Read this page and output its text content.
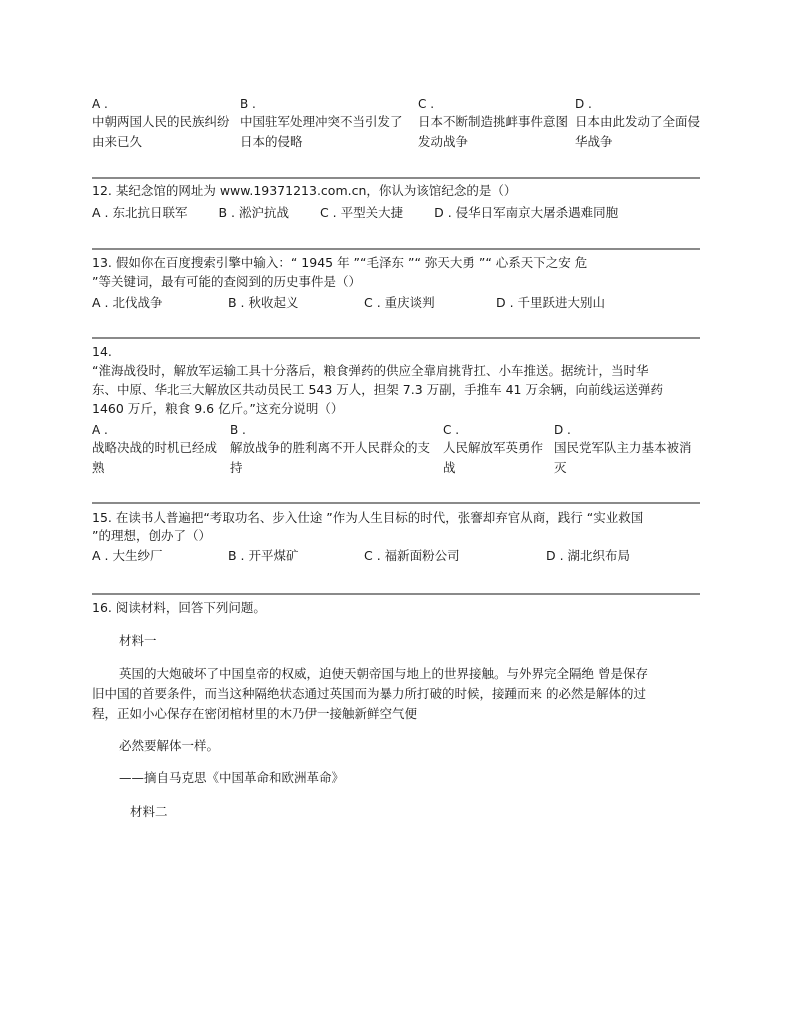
A .
中朝两国人民的民族纠纷由来已久
B .
中国驻军处理冲突不当引发了日本的侵略
C .
日本不断制造挑衅事件意图发动战争
D .
日本由此发动了全面侵华战争
12. 某纪念馆的网址为 www.19371213.com.cn，你认为该馆纪念的是（）
A . 东北抗日联军 B . 淞沪抗战 C . 平型关大捷 D . 侵华日军南京大屠杀遇难同胞
13. 假如你在百度搜索引擎中输入：“ 1945 年 ”“毛泽东 ”“ 弥天大勇 ”“ 心系天下之安 危
”等关键词，最有可能的查阅到的历史事件是（）
A . 北伐战争	B . 秋收起义	C . 重庆谈判	D . 千里跃进大别山
14.
“淮海战役时，解放军运输工具十分落后，粮食弹药的供应全靠肩挑背扛、小车推送。据统计，当时华
东、中原、华北三大解放区共动员民工 543 万人，担架 7.3 万副，手推车 41 万余辆，向前线运送弹药
1460 万斤，粮食 9.6 亿斤。”这充分说明（）
A .
战略决战的时机已经成熟
B .
解放战争的胜利离不开人民群众的支持
C .
人民解放军英勇作战
D .
国民党军队主力基本被消灭
15. 在读书人普遍把“考取功名、步入仕途 ”作为人生目标的时代，张謇却弃官从商，践行 “实业救国
”的理想，创办了（）
A . 大生纱厂	B . 开平煤矿	C . 福新面粉公司	D . 湖北织布局
16. 阅读材料，回答下列问题。
材料一
英国的大炮破坏了中国皇帝的权威，迫使天朝帝国与地上的世界接触。与外界完全隔绝 曾是保存
旧中国的首要条件，而当这种隔绝状态通过英国而为暴力所打破的时候，接踵而来 的必然是解体的过
程，正如小心保存在密闭棺材里的木乃伊一接触新鲜空气便
必然要解体一样。
——摘自马克思《中国革命和欧洲革命》
材料二
